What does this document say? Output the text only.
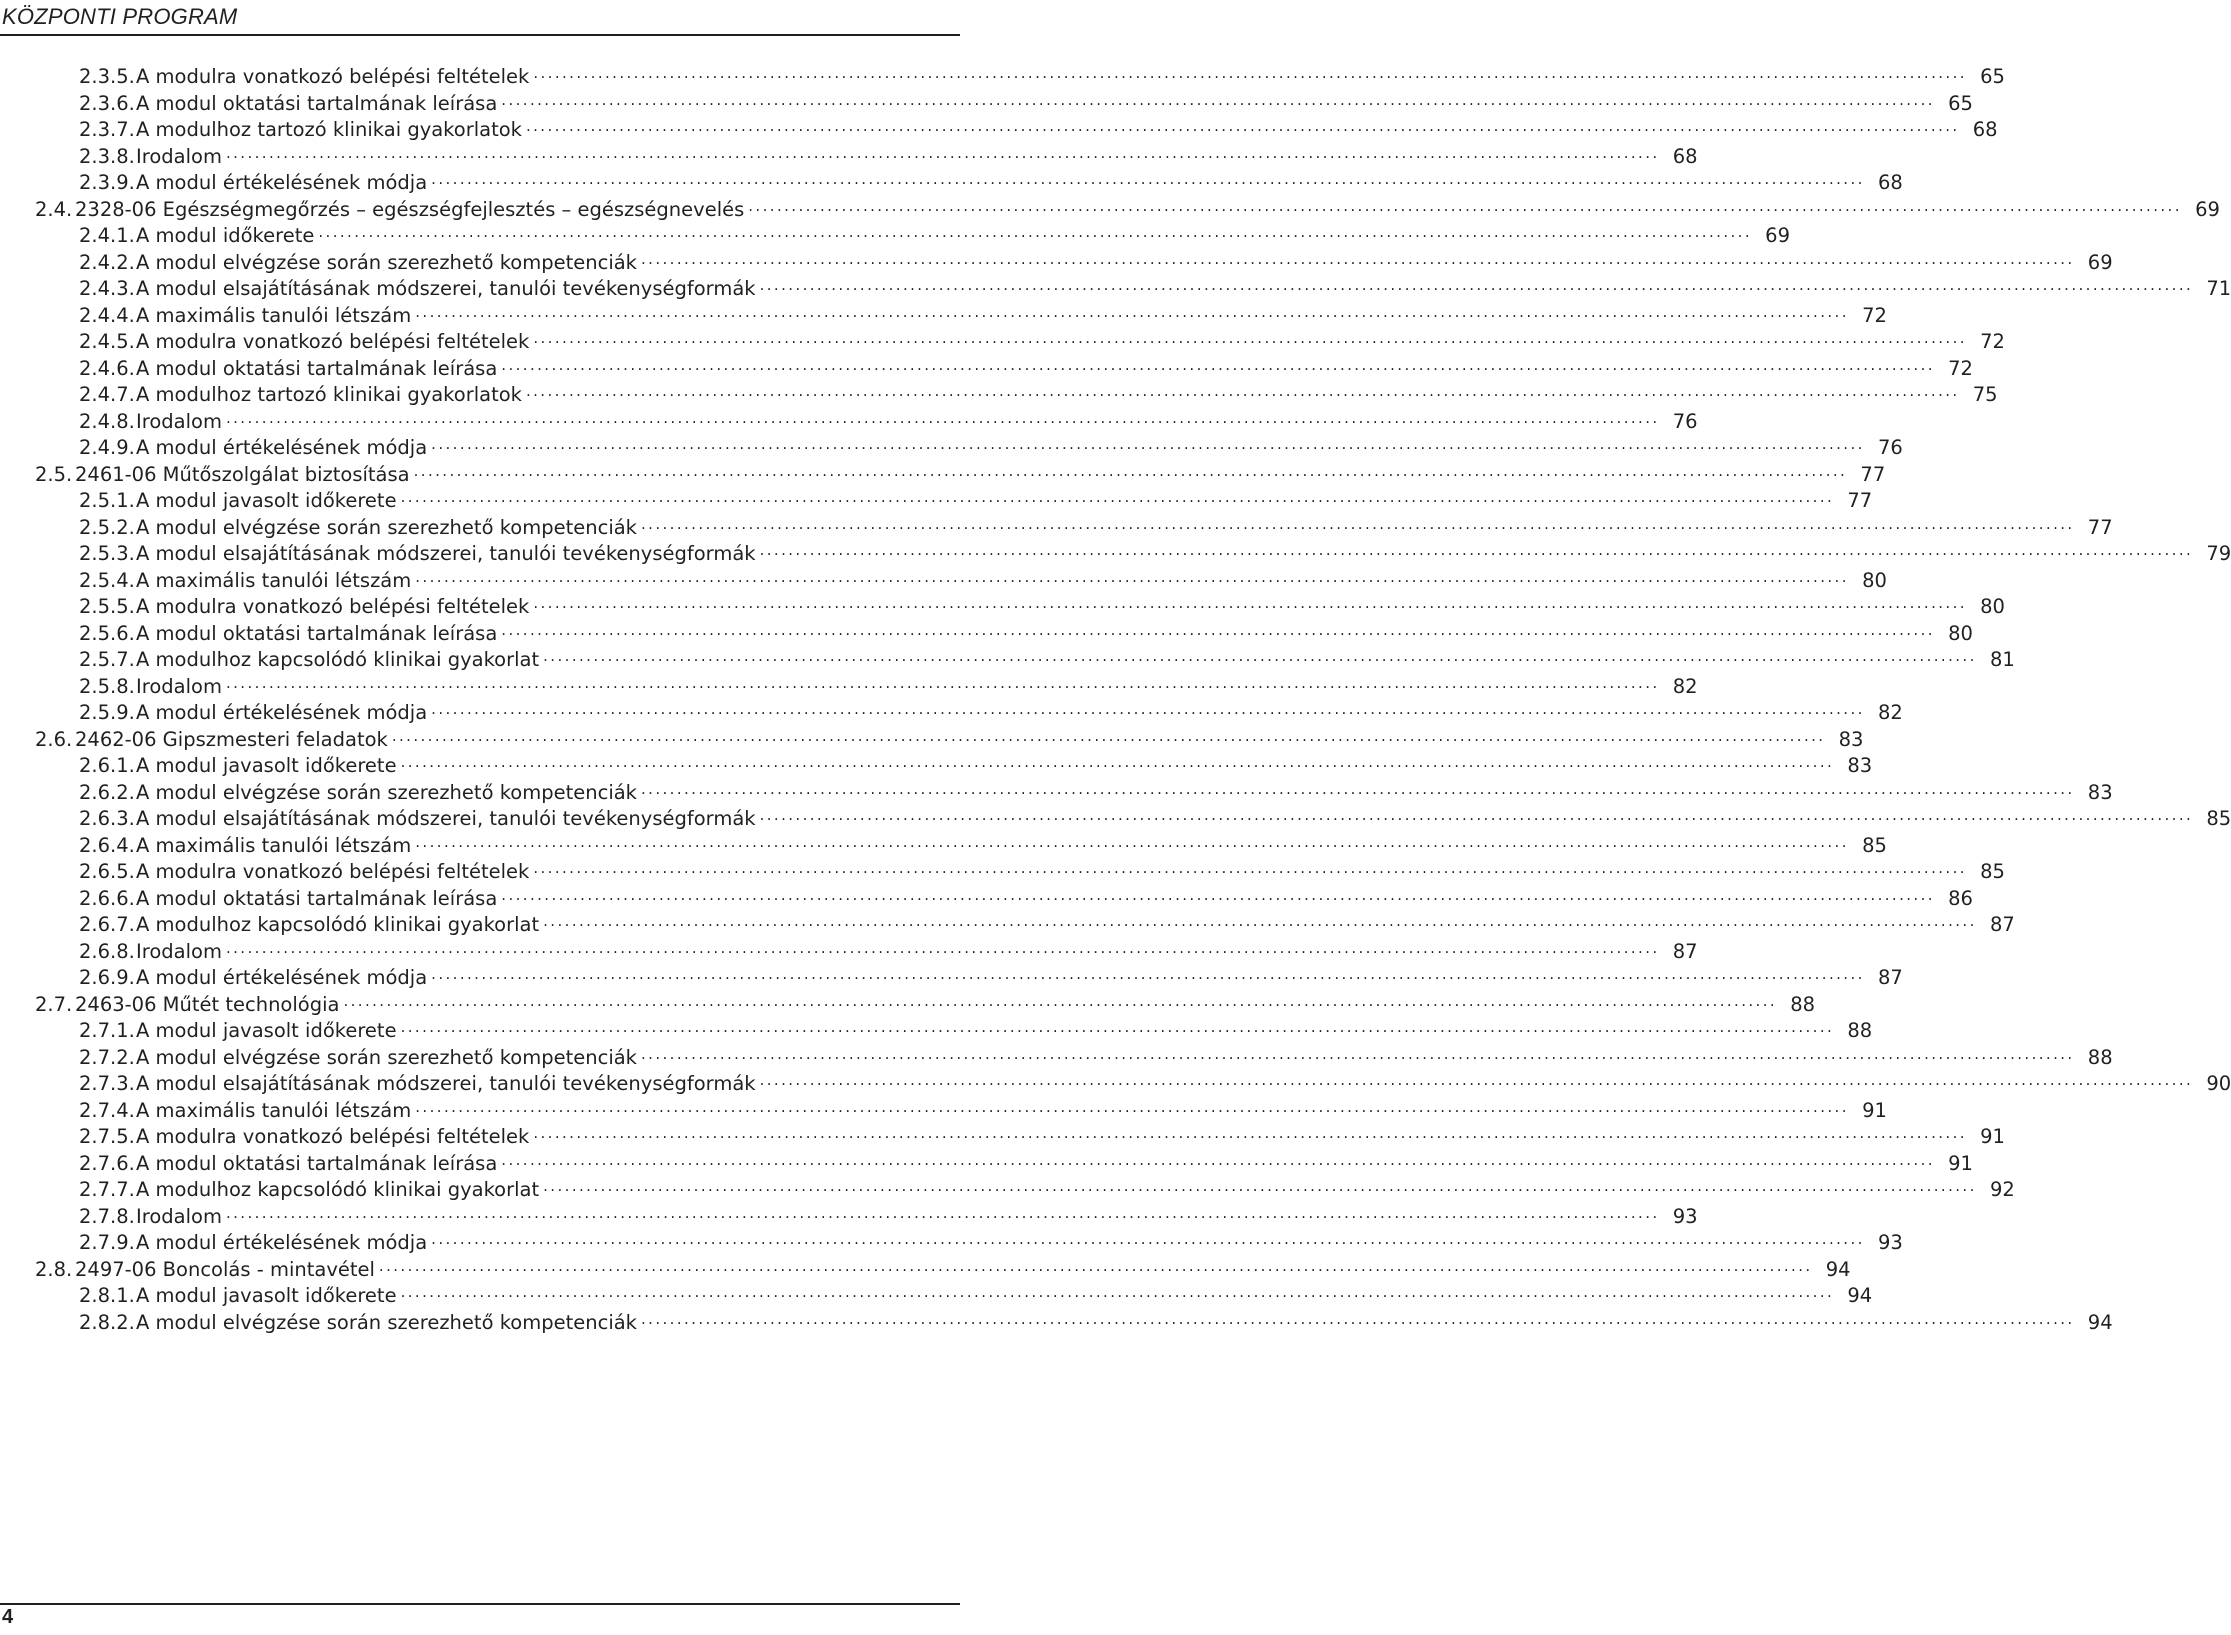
KÖZPONTI PROGRAM
2.3.5. A modulra vonatkozó belépési feltételek ........................................................................................................................................................................................................ 65
2.3.6. A modul oktatási tartalmának leírása ........................................................................................................................................................................................................ 65
2.3.7. A modulhoz tartozó klinikai gyakorlatok ........................................................................................................................................................................................................ 68
2.3.8. Irodalom ........................................................................................................................................................................................................ 68
2.3.9. A modul értékelésének módja ........................................................................................................................................................................................................ 68
2.4. 2328-06 Egészségmegőrzés – egészségfejlesztés – egészségnevelés ........................................................................................................................................................................................................ 69
2.4.1. A modul időkerete ........................................................................................................................................................................................................ 69
2.4.2. A modul elvégzése során szerezhető kompetenciák ........................................................................................................................................................................................................ 69
2.4.3. A modul elsajátításának módszerei, tanulói tevékenységformák ........................................................................................................................................................................................................ 71
2.4.4. A maximális tanulói létszám ........................................................................................................................................................................................................ 72
2.4.5. A modulra vonatkozó belépési feltételek ........................................................................................................................................................................................................ 72
2.4.6. A modul oktatási tartalmának leírása ........................................................................................................................................................................................................ 72
2.4.7. A modulhoz tartozó klinikai gyakorlatok ........................................................................................................................................................................................................ 75
2.4.8. Irodalom ........................................................................................................................................................................................................ 76
2.4.9. A modul értékelésének módja ........................................................................................................................................................................................................ 76
2.5. 2461-06 Műtőszolgálat biztosítása ........................................................................................................................................................................................................ 77
2.5.1. A modul javasolt időkerete ........................................................................................................................................................................................................ 77
2.5.2. A modul elvégzése során szerezhető kompetenciák ........................................................................................................................................................................................................ 77
2.5.3. A modul elsajátításának módszerei, tanulói tevékenységformák ........................................................................................................................................................................................................ 79
2.5.4. A maximális tanulói létszám ........................................................................................................................................................................................................ 80
2.5.5. A modulra vonatkozó belépési feltételek ........................................................................................................................................................................................................ 80
2.5.6. A modul oktatási tartalmának leírása ........................................................................................................................................................................................................ 80
2.5.7. A modulhoz kapcsolódó klinikai gyakorlat ........................................................................................................................................................................................................ 81
2.5.8. Irodalom ........................................................................................................................................................................................................ 82
2.5.9. A modul értékelésének módja ........................................................................................................................................................................................................ 82
2.6. 2462-06 Gipszmesteri feladatok ........................................................................................................................................................................................................ 83
2.6.1. A modul javasolt időkerete ........................................................................................................................................................................................................ 83
2.6.2. A modul elvégzése során szerezhető kompetenciák ........................................................................................................................................................................................................ 83
2.6.3. A modul elsajátításának módszerei, tanulói tevékenységformák ........................................................................................................................................................................................................ 85
2.6.4. A maximális tanulói létszám ........................................................................................................................................................................................................ 85
2.6.5. A modulra vonatkozó belépési feltételek ........................................................................................................................................................................................................ 85
2.6.6. A modul oktatási tartalmának leírása ........................................................................................................................................................................................................ 86
2.6.7. A modulhoz kapcsolódó klinikai gyakorlat ........................................................................................................................................................................................................ 87
2.6.8. Irodalom ........................................................................................................................................................................................................ 87
2.6.9. A modul értékelésének módja ........................................................................................................................................................................................................ 87
2.7. 2463-06 Műtét technológia ........................................................................................................................................................................................................ 88
2.7.1. A modul javasolt időkerete ........................................................................................................................................................................................................ 88
2.7.2. A modul elvégzése során szerezhető kompetenciák ........................................................................................................................................................................................................ 88
2.7.3. A modul elsajátításának módszerei, tanulói tevékenységformák ........................................................................................................................................................................................................ 90
2.7.4. A maximális tanulói létszám ........................................................................................................................................................................................................ 91
2.7.5. A modulra vonatkozó belépési feltételek ........................................................................................................................................................................................................ 91
2.7.6. A modul oktatási tartalmának leírása ........................................................................................................................................................................................................ 91
2.7.7. A modulhoz kapcsolódó klinikai gyakorlat ........................................................................................................................................................................................................ 92
2.7.8. Irodalom ........................................................................................................................................................................................................ 93
2.7.9. A modul értékelésének módja ........................................................................................................................................................................................................ 93
2.8. 2497-06 Boncolás - mintavétel ........................................................................................................................................................................................................ 94
2.8.1. A modul javasolt időkerete ........................................................................................................................................................................................................ 94
2.8.2. A modul elvégzése során szerezhető kompetenciák ........................................................................................................................................................................................................ 94
4
